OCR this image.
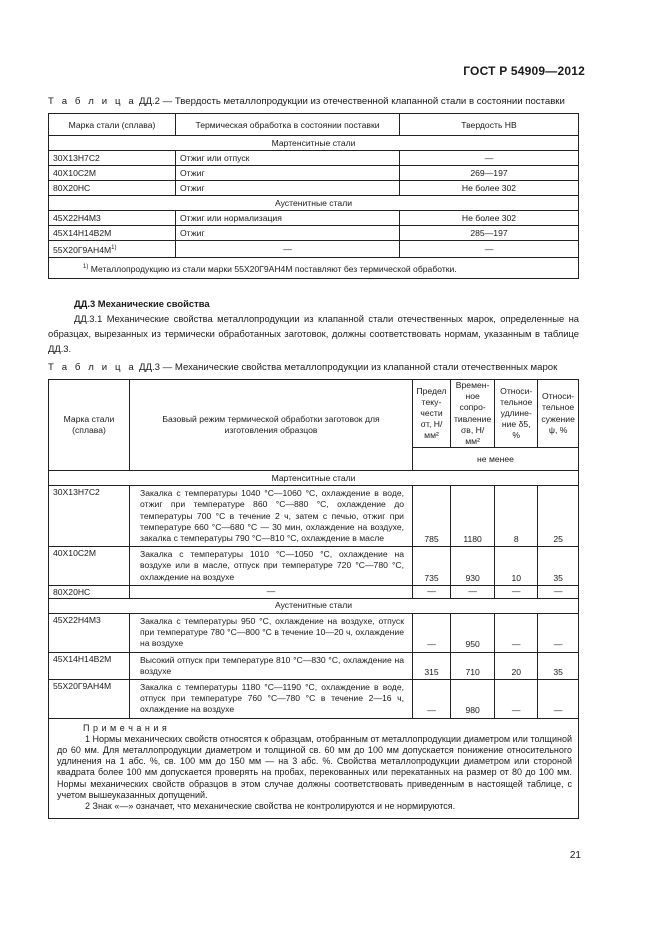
ГОСТ Р 54909—2012
Т а б л и ц а ДД.2 — Твердость металлопродукции из отечественной клапанной стали в состоянии поставки
Марка стали (сплава)	Термическая обработка в состоянии поставки	Твердость НВ
Мартенситные стали		
30Х13Н7С2	Отжиг или отпуск	—
40Х10С2М	Отжиг	269—197
80Х20НС	Отжиг	Не более 302
Аустенитные стали		
45Х22Н4М3	Отжиг или нормализация	Не более 302
45Х14Н14В2М	Отжиг	285—197
$55Х20Г9АН4М^{1)}$	—	—
$^{1)}$ Металлопродукцию из стали марки 55Х20Г9АН4М поставляют без термической обработки.		
ДД.3 Механические свойства
ДД.3.1 Механические свойства металлопродукции из клапанной стали отечественных марок, определенные на образцах, вырезанных из термически обработанных заготовок, должны соответствовать нормам, указанным в таблице ДД.3.
Т а б л и ц а ДД.3 — Механические свойства металлопродукции из клапанной стали отечественных марок
Марка стали (сплава)	Базовый режим термической обработки заготовок для изготовления образцов	Предел текучести σт, Н/мм²	Временное сопротивление σв, Н/мм²	Относительное удлинение δ5, %	Относительное сужение ψ, %
		не менее			
Мартенситные стали					
30Х13Н7С2	Закалка с температуры 1040 °С—1060 °С, охлаждение в воде, отжиг при температуре 860 °С—880 °С, охлаждение до температуры 700 °С в течение 2 ч, затем с печью, отжиг при температуре 660 °С—680 °С — 30 мин, охлаждение на воздухе, закалка с температуры 790 °С—810 °С, охлаждение в масле	785	1180	8	25
40Х10С2М	Закалка с температуры 1010 °С—1050 °С, охлаждение на воздухе или в масле, отпуск при температуре 720 °С—780 °С, охлаждение на воздухе	735	930	10	35
80Х20НС	—	—	—	—	—
Аустенитные стали					
45Х22Н4М3	Закалка с температуры 950 °С, охлаждение на воздухе, отпуск при температуре 780 °С—800 °С в течение 10—20 ч, охлаждение на воздухе	—	950	—	—
45Х14Н14В2М	Высокий отпуск при температуре 810 °С—830 °С, охлаждение на воздухе	315	710	20	35
55Х20Г9АН4М	Закалка с температуры 1180 °С—1190 °С, охлаждение в воде, отпуск при температуре 760 °С—780 °С в течение 2—16 ч, охлаждение на воздухе	—	980	—	—

П р и м е ч а н и я
1 Нормы механических свойств относятся к образцам, отобранным от металлопродукции диаметром или толщиной до 60 мм. Для металлопродукции диаметром и толщиной св. 60 мм до 100 мм допускается понижение относительного удлинения на 1 абс. %, св. 100 мм до 150 мм — на 3 абс. %. Свойства металлопродукции диаметром или стороной квадрата более 100 мм допускается проверять на пробах, перекованных или перекатанных на размер от 80 до 100 мм. Нормы механических свойств образцов в этом случае должны соответствовать приведенным в настоящей таблице, с учетом вышеуказанных допущений.
2 Знак «—» означает, что механические свойства не контролируются и не нормируются.					
21
